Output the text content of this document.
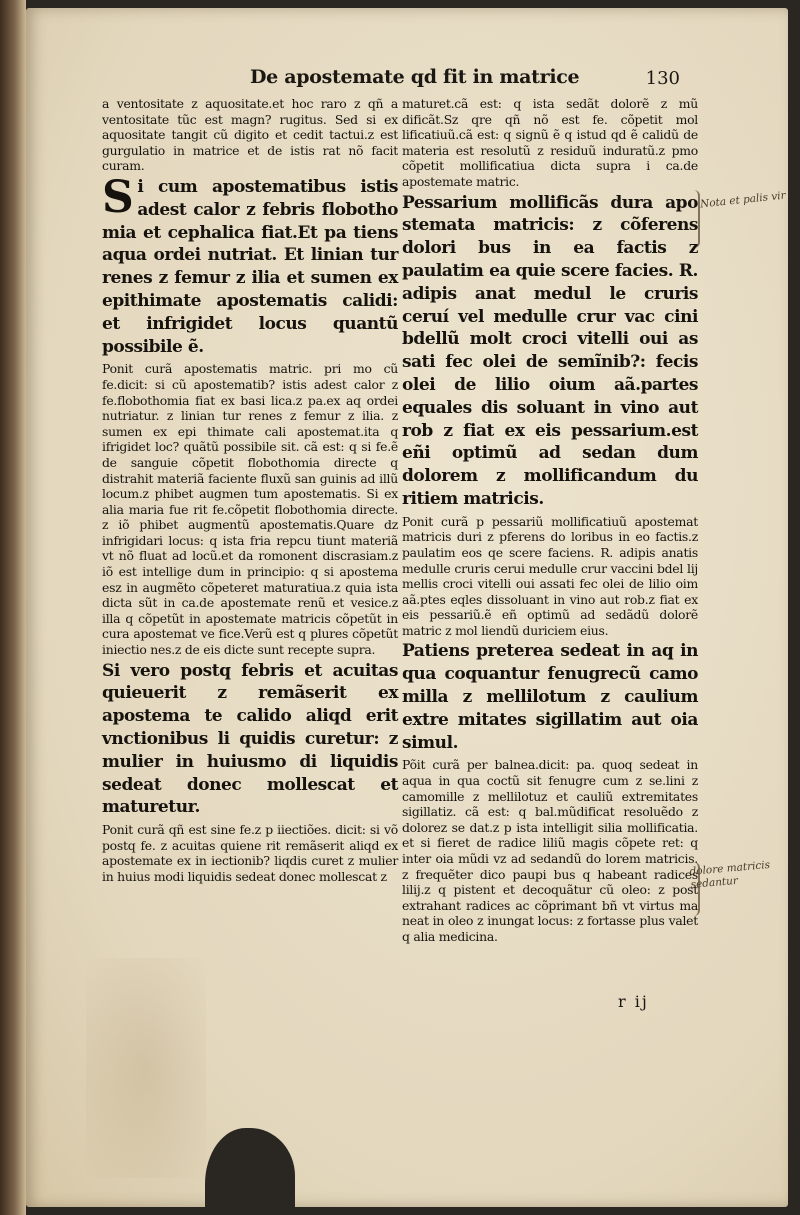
De apostemate qd fit in matrice	130

a ventositate z aquositate.et hoc raro z qñ a ventositate tũc est magn? rugitus. Sed si ex aquositate tangit cũ digito et cedit tactui.z est gurgulatio in matrice et de istis rat nõ facit curam.

Si cum apostematibus istis adest calor z febris flobotho mia et cephalica fiat.Et pa tiens aqua ordei nutriat. Et linian tur renes z femur z ilia et sumen ex epithimate apostematis calidi: et infrigidet locus quantũ possibile ẽ.

Ponit curã apostematis matric. pri mo cũ fe.dicit: si cũ apostematib? istis adest calor z fe.flobothomia fiat ex basi lica.z pa.ex aq ordei nutriatur. z linian tur renes z femur z ilia. z sumen ex epi thimate cali apostemat.ita q ifrigidet loc? quãtũ possibile sit. cã est: q si fe.ẽ de sanguie cõpetit flobothomia directe q distrahit materiã faciente fluxũ san guinis ad illũ locum.z phibet augmen tum apostematis. Si ex alia maria fue rit fe.cõpetit flobothomia directe. z iõ phibet augmentũ apostematis.Quare dz infrigidari locus: q ista fria repcu tiunt materiã vt nõ fluat ad locũ.et da romonent discrasiam.z iõ est intellige dum in principio: q si apostema esz in augmẽto cõpeteret maturatiua.z quia ista dicta sũt in ca.de apostemate renũ et vesice.z illa q cõpetũt in apostemate matricis cõpetũt in cura apostemat ve fice.Verũ est q plures cõpetũt iniectio nes.z de eis dicte sunt recepte supra.

Si vero postq febris et acuitas quieuerit z remãserit ex apostema te calido aliqd erit vnctionibus li quidis curetur: z mulier in huiusmo di liquidis sedeat donec mollescat et maturetur.

Ponit curã qñ est sine fe.z p iiectiões. dicit: si võ postq fe. z acuitas quiene rit remãserit aliqd ex apostemate ex in iectionib? liqdis curet z mulier in huius modi liquidis sedeat donec mollescat z

maturet.cã est: q ista sedãt dolorẽ z mũ dificãt.Sz qre qñ nõ est fe. cõpetit mol lificatiuũ.cã est: q signũ ẽ q istud qd ẽ calidũ de materia est resolutũ z residuũ induratũ.z pmo cõpetit mollificatiua dicta supra i ca.de apostemate matric.

Pessarium mollificãs dura apo stemata matricis: z cõferens dolori bus in ea factis z paulatim ea quie scere facies. R. adipis anat medul le cruris ceruí vel medulle crur vac cini bdellũ molt croci vitelli oui as sati fec olei de semĩnib?: fecis olei de lilio oium aã.partes equales dis soluant in vino aut rob z fiat ex eis pessarium.est eñi optimũ ad sedan dum dolorem z mollificandum du ritiem matricis.

Ponit curã p pessariũ mollificatiuũ apostemat matricis duri z pferens do loribus in eo factis.z paulatim eos qe scere faciens. R. adipis anatis medulle cruris cerui medulle crur vaccini bdel lij mellis croci vitelli oui assati fec olei de lilio oim aã.ptes eqles dissoluant in vino aut rob.z fiat ex eis pessariũ.ẽ eñ optimũ ad sedãdũ dolorẽ matric z mol liendũ duriciem eius.

Patiens preterea sedeat in aq in qua coquantur fenugrecũ camo milla z mellilotum z caulium extre mitates sigillatim aut oia simul.

Põit curã per balnea.dicit: pa. quoq sedeat in aqua in qua coctũ sit fenugre cum z se.lini z camomille z mellilotuz et cauliũ extremitates sigillatiz. cã est: q bal.mũdificat resoluẽdo z dolorez se dat.z p ista intelligit silia mollificatia. et si fieret de radice liliũ magis cõpete ret: q inter oia mũdi vz ad sedandũ do lorem matricis. z frequẽter dico paupi bus q habeant radices lilij.z q pistent et decoquãtur cũ oleo: z post extrahant radices ac cõprimant bñ vt virtus ma neat in oleo z inungat locus: z fortasse plus valet q alia medicina.

r ij
Nota et palis vir
dolore matricis sedantur
